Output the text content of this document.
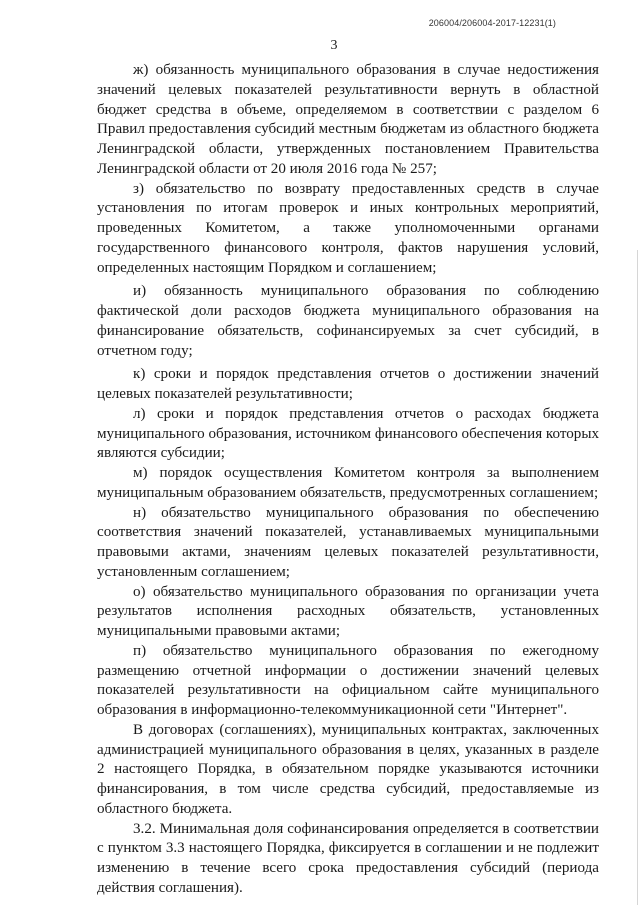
206004/206004-2017-12231(1)
3

ж) обязанность муниципального образования в случае недостижения значений целевых показателей результативности вернуть в областной бюджет средства в объеме, определяемом в соответствии с разделом 6 Правил предоставления субсидий местным бюджетам из областного бюджета Ленинградской области, утвержденных постановлением Правительства Ленинградской области от 20 июля 2016 года № 257;

з) обязательство по возврату предоставленных средств в случае установления по итогам проверок и иных контрольных мероприятий, проведенных Комитетом, а также уполномоченными органами государственного финансового контроля, фактов нарушения условий, определенных настоящим Порядком и соглашением;

и) обязанность муниципального образования по соблюдению фактической доли расходов бюджета муниципального образования на финансирование обязательств, софинансируемых за счет субсидий, в отчетном году;

к) сроки и порядок представления отчетов о достижении значений целевых показателей результативности;

л) сроки и порядок представления отчетов о расходах бюджета муниципального образования, источником финансового обеспечения которых являются субсидии;

м) порядок осуществления Комитетом контроля за выполнением муниципальным образованием обязательств, предусмотренных соглашением;

н) обязательство муниципального образования по обеспечению соответствия значений показателей, устанавливаемых муниципальными правовыми актами, значениям целевых показателей результативности, установленным соглашением;

о) обязательство муниципального образования по организации учета результатов исполнения расходных обязательств, установленных муниципальными правовыми актами;

п) обязательство муниципального образования по ежегодному размещению отчетной информации о достижении значений целевых показателей результативности на официальном сайте муниципального образования в информационно-телекоммуникационной сети "Интернет".

В договорах (соглашениях), муниципальных контрактах, заключенных администрацией муниципального образования в целях, указанных в разделе 2 настоящего Порядка, в обязательном порядке указываются источники финансирования, в том числе средства субсидий, предоставляемые из областного бюджета.

3.2. Минимальная доля софинансирования определяется в соответствии с пунктом 3.3 настоящего Порядка, фиксируется в соглашении и не подлежит изменению в течение всего срока предоставления субсидий (периода действия соглашения).
